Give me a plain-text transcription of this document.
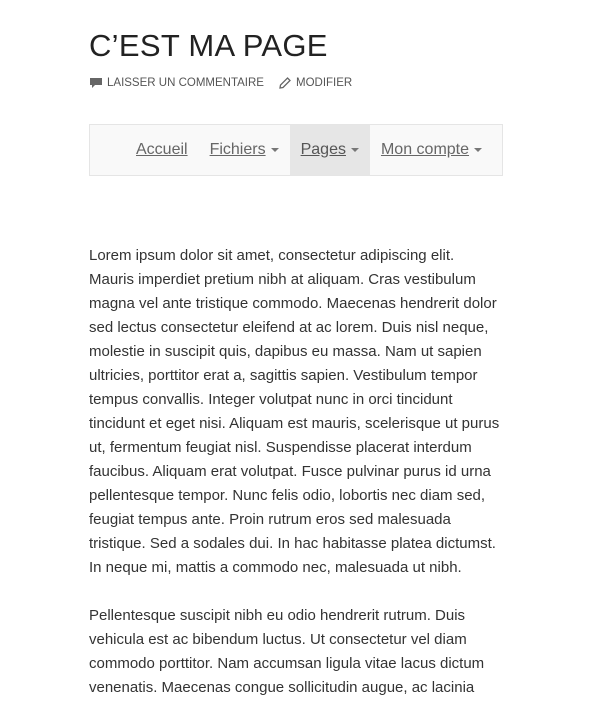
C’EST MA PAGE
LAISSER UN COMMENTAIRE	MODIFIER
Accueil Fichiers Pages Mon compte

Lorem ipsum dolor sit amet, consectetur adipiscing elit. Mauris imperdiet pretium nibh at aliquam. Cras vestibulum magna vel ante tristique commodo. Maecenas hendrerit dolor sed lectus consectetur eleifend at ac lorem. Duis nisl neque, molestie in suscipit quis, dapibus eu massa. Nam ut sapien ultricies, porttitor erat a, sagittis sapien. Vestibulum tempor tempus convallis. Integer volutpat nunc in orci tincidunt tincidunt et eget nisi. Aliquam est mauris, scelerisque ut purus ut, fermentum feugiat nisl. Suspendisse placerat interdum faucibus. Aliquam erat volutpat. Fusce pulvinar purus id urna pellentesque tempor. Nunc felis odio, lobortis nec diam sed, feugiat tempus ante. Proin rutrum eros sed malesuada tristique. Sed a sodales dui. In hac habitasse platea dictumst. In neque mi, mattis a commodo nec, malesuada ut nibh.

Pellentesque suscipit nibh eu odio hendrerit rutrum. Duis vehicula est ac bibendum luctus. Ut consectetur vel diam commodo porttitor. Nam accumsan ligula vitae lacus dictum venenatis. Maecenas congue sollicitudin augue, ac lacinia
